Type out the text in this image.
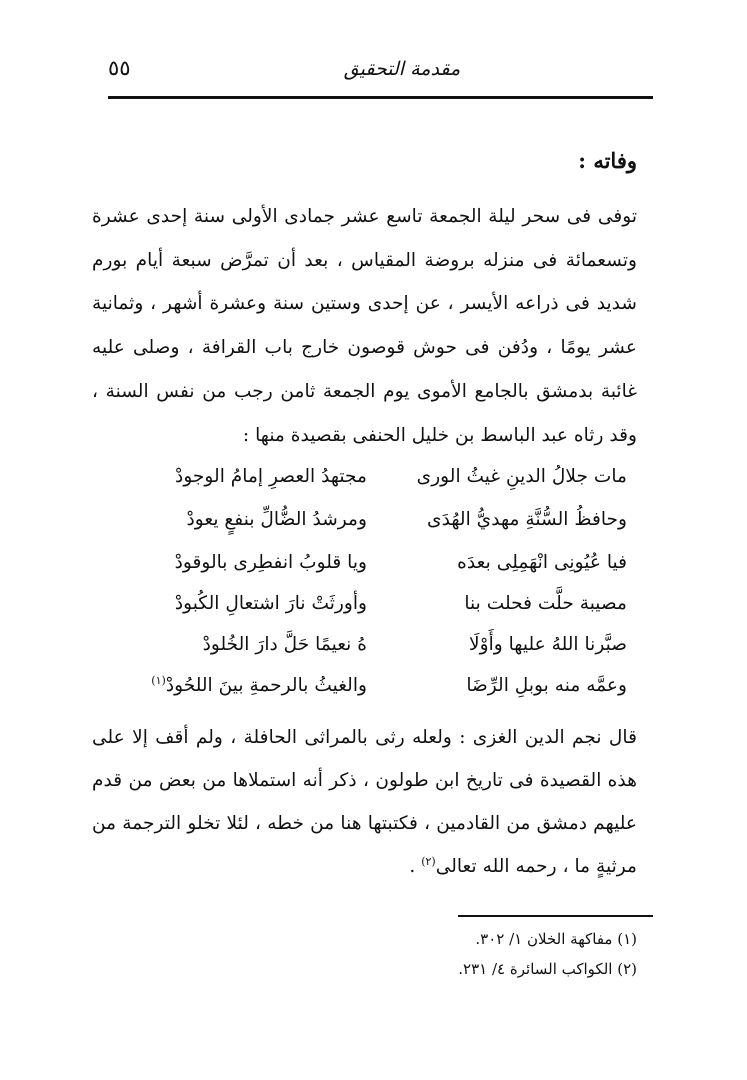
مقدمة التحقيق
٥٥
وفاته :
توفى فى سحر ليلة الجمعة تاسع عشر جمادى الأولى سنة إحدى عشرة وتسعمائة فى منزله بروضة المقياس ، بعد أن تمرَّض سبعة أيام بورم شديد فى ذراعه الأيسر ، عن إحدى وستين سنة وعشرة أشهر ، وثمانية عشر يومًا ، ودُفن فى حوش قوصون خارج باب القرافة ، وصلى عليه غائبة بدمشق بالجامع الأموى يوم الجمعة ثامن رجب من نفس السنة ، وقد رثاه عبد الباسط بن خليل الحنفى بقصيدة منها :
مات جلالُ الدينِ غيثُ الورى
مجتهدُ العصرِ إمامُ الوجودْ
وحافظُ السُّنَّةِ مهديُّ الهُدَى
ومرشدُ الضُّالِّ بنفعٍ يعودْ
فيا عُيُونِى انْهَمِلِى بعدَه
ويا قلوبُ انفطِرى بالوقودْ
مصيبة حلَّت فحلت بنا
وأورثَتْ نارَ اشتعالِ الكُبودْ
صبَّرنا اللهُ عليها وأَوْلَا
هُ نعيمًا حَلَّ دارَ الخُلودْ
وعمَّه منه بوبلِ الرِّضَا
والغيثُ بالرحمةِ بينَ اللحُودْ$^{(١)}$
قال نجم الدين الغزى : ولعله رثى بالمراثى الحافلة ، ولم أقف إلا على هذه القصيدة فى تاريخ ابن طولون ، ذكر أنه استملاها من بعض من قدم عليهم دمشق من القادمين ، فكتبتها هنا من خطه ، لئلا تخلو الترجمة من مرثيةٍ ما ، رحمه الله تعالى$^{(٢)}$ .
(١) مفاكهة الخلان ١/ ٣٠٢.
(٢) الكواكب السائرة ٤/ ٢٣١.
